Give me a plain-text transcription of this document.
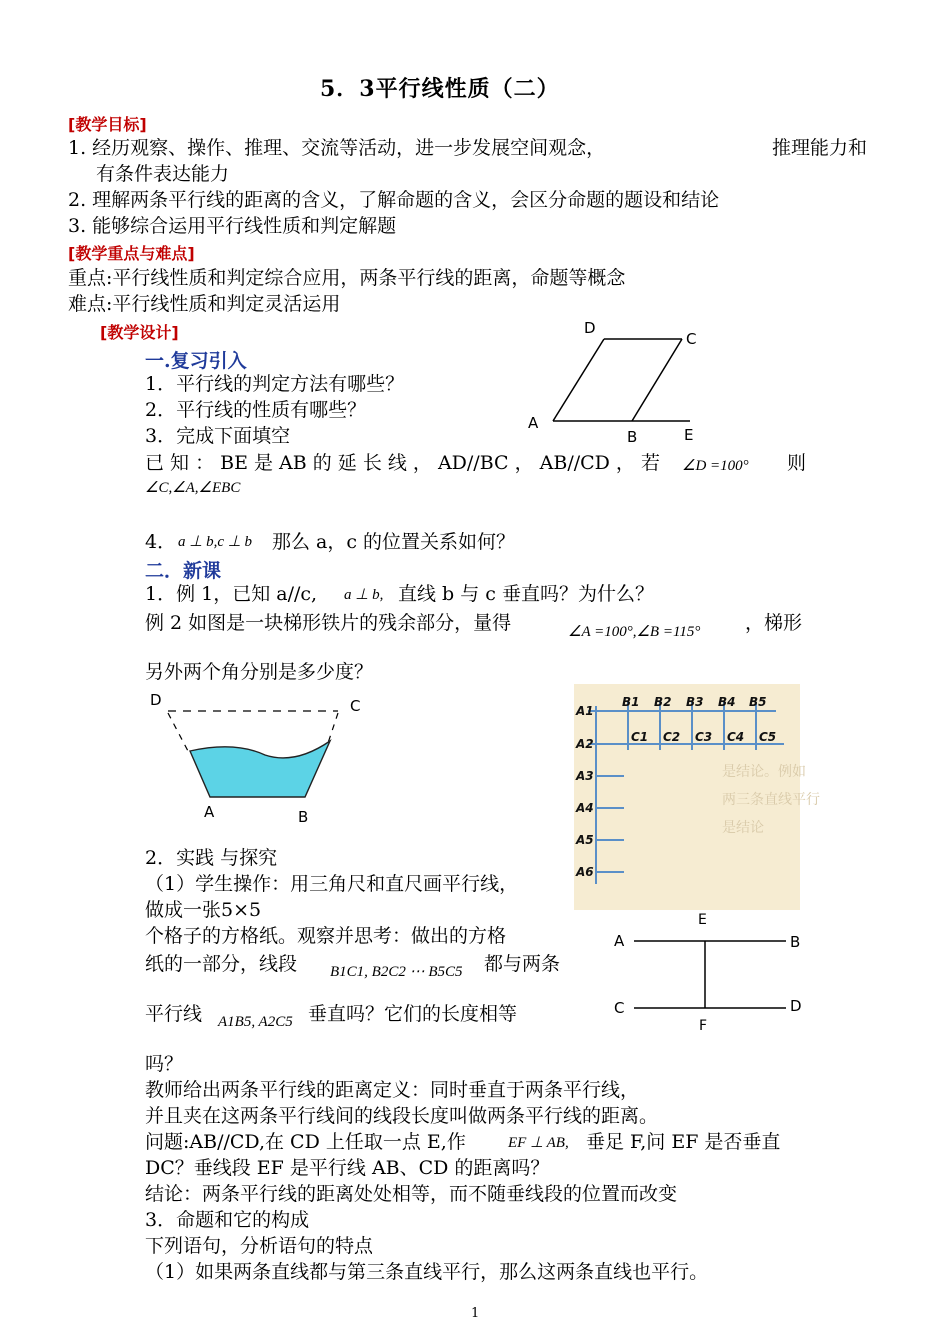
5．3平行线性质（二）
[教学目标]
1. 经历观察、操作、推理、交流等活动，进一步发展空间观念，	推理能力和
有条件表达能力
2. 理解两条平行线的距离的含义，了解命题的含义，会区分命题的题设和结论
3. 能够综合运用平行线性质和判定解题
[教学重点与难点]
重点:平行线性质和判定综合应用，两条平行线的距离，命题等概念
难点:平行线性质和判定灵活运用
[教学设计]
一.复习引入
1．平行线的判定方法有哪些？
2．平行线的性质有哪些？
3．完成下面填空
已 知 ： BE 是 AB 的 延 长 线 ， AD//BC ， AB//CD ， 若 ∠D =100° 则
∠C,∠A,∠EBC
4． a ⊥ b,c ⊥ b 那么 a，c 的位置关系如何？
二．新课
1．例 1，已知 a//c, a ⊥ b, 直线 b 与 c 垂直吗？为什么？
例 2 如图是一块梯形铁片的残余部分，量得	∠A =100°,∠B =115° ，梯形
另外两个角分别是多少度？
D	C
A	B
2．实践 与探究
（1）学生操作：用三角尺和直尺画平行线，
做成一张5×5
个格子的方格纸。观察并思考：做出的方格
纸的一部分，线段 B1C1, B2C2 ⋯ B5C5 都与两条
平行线 A1B5, A2C5 垂直吗？它们的长度相等
吗？
教师给出两条平行线的距离定义：同时垂直于两条平行线，
并且夹在这两条平行线间的线段长度叫做两条平行线的距离。
问题:AB//CD,在 CD 上任取一点 E,作	EF ⊥ AB, 垂足 F,问 EF 是否垂直
DC？垂线段 EF 是平行线 AB、CD 的距离吗？
结论：两条平行线的距离处处相等，而不随垂线段的位置而改变
3．命题和它的构成
下列语句，分析语句的特点
（1）如果两条直线都与第三条直线平行，那么这两条直线也平行。
D
C
A
B	E
是结论。例如
两三条直线平行
是结论
A1
A2
A3
A4
A5
A6
B1 B2 B3 B4 B5
C1 C2 C3 C4 C5
E
A	B
C	D
F
1
